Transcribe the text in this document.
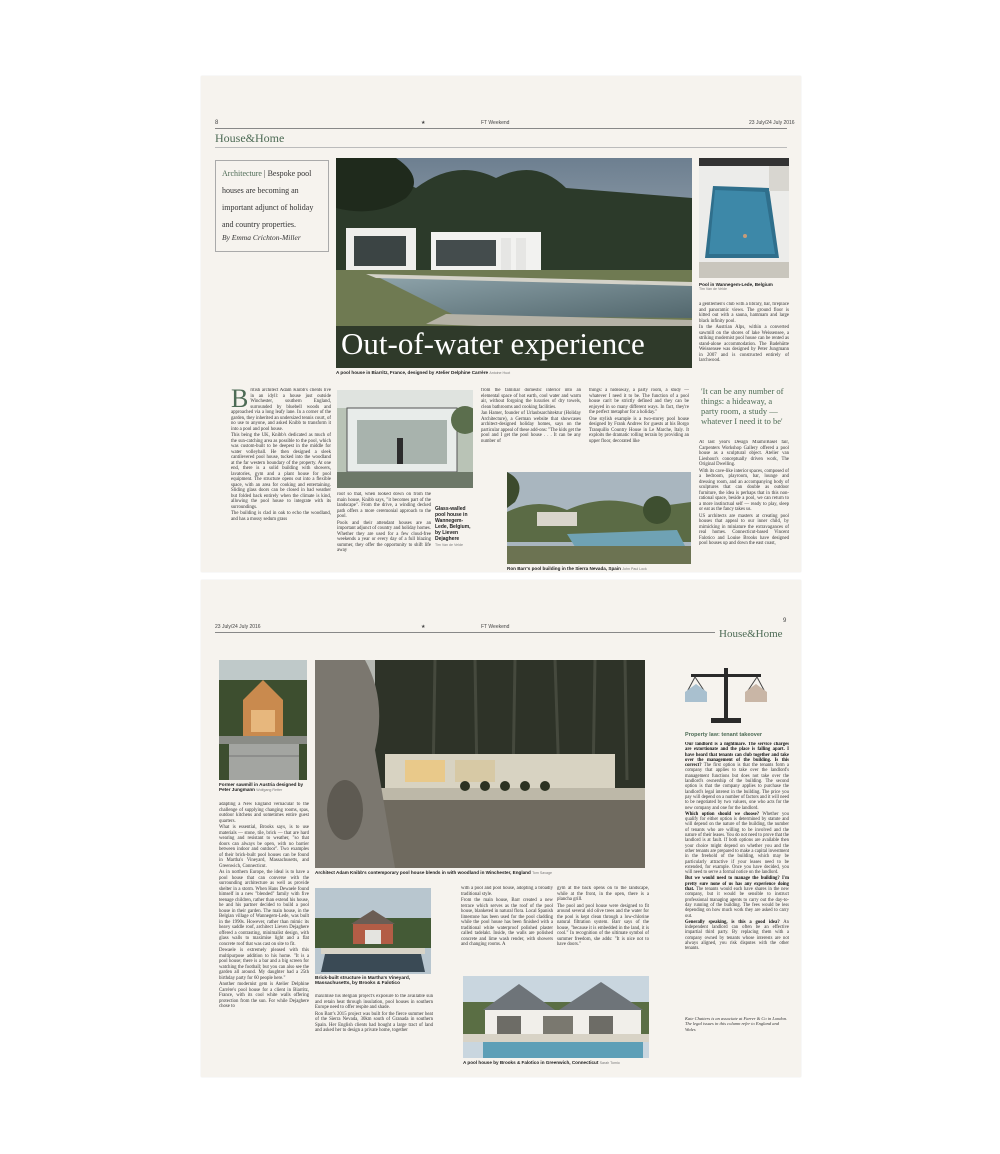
8	★	FT Weekend	23 July/24 July 2016
House&Home
Architecture | Bespoke pool houses are becoming an important adjunct of holiday and country properties.
By Emma Crichton-Miller
Out-of-water experience
A pool house in Biarritz, France, designed by Atelier Delphine Carrère Antoine Huot
Pool in Wannegem-Lede, Belgium
Tim Van de Velde

British architect Adam Knibb's clients live in an idyll: a house just outside Winchester, southern England, surrounded by bluebell woods and approached via a long leafy lane. In a corner of the garden, they inherited an undersized tennis court, of no use to anyone, and asked Knibb to transform it into a pool and pool house.

This being the UK, Knibb's dedicated as much of the sun-catching area as possible to the pool, which was custom-built to be deepest in the middle for water volleyball. He then designed a sleek cantilevered pool house, tucked into the woodland at the far western boundary of the property. At one end, there is a solid building with showers, lavatories, gym and a plant house for pool equipment. The structure opens out into a flexible space, with an area for cooking and entertaining. Sliding glass doors can be closed in bad weather but folded back entirely when the climate is kind, allowing the pool house to integrate with its surroundings.

The building is clad in oak to echo the woodland, and has a mossy sedum grass

roof so that, when looked down on from the main house, Knibb says, "it becomes part of the landscape". From the drive, a winding decked path offers a more ceremonial approach to the pool.

Pools and their attendant houses are an important adjunct of country and holiday homes. Whether they are used for a few cloud-free weekends a year or every day of a full blazing summer, they offer the opportunity to shift life away

Glass-walled pool house in Wannegem-Lede, Belgium, by Lieven Dejaghere
Tim Van de Velde

from the familiar domestic interior into an elemental space of hot earth, cool water and warm air, without forgoing the luxuries of dry towels, clean bathrooms and cooking facilities.

Jan Hamer, founder of Urlaubsarchitektur (Holiday Architecture), a German website that showcases architect-designed holiday homes, says on the particular appeal of these add-ons: "The kids get the pool and I get the pool house . . . It can be any number of

things: a hideaway, a party room, a study — whatever I need it to be. The function of a pool house can't be strictly defined and they can be enjoyed in so many different ways. In fact, they're the perfect metaphor for a holiday."

One stylish example is a two-storey pool house designed by Frank Andrew for guests at his Borgo Tranquillo Country House in Le Marche, Italy. It exploits the dramatic rolling terrain by providing an upper floor, decorated like

Ron Barr's pool building in the Sierra Nevada, Spain John Paul Lock

a gentlemen's club with a library, bar, fireplace and panoramic views. The ground floor is kitted out with a sauna, hammam and large black infinity pool.

In the Austrian Alps, within a converted sawmill on the shores of lake Weissensee, a striking modernist pool house can be rented as stand-alone accommodation. The Badehütte Weissensee was designed by Peter Jungmann in 2007 and is constructed entirely of larchwood.

'It can be any number of things: a hideaway, a party room, a study — whatever I need it to be'

At last year's Design Miami/Basel fair, Carpenters Workshop Gallery offered a pool house as a sculptural object. Atelier van Lieshout's conceptually driven work, The Original Dwelling.

With its cave-like interior spaces, composed of a bedroom, playroom, bar, lounge and dressing room, and an accompanying body of sculptures that can double as outdoor furniture, the idea is perhaps that in this non-rational space, beside a pool, we can return to a more instinctual self — ready to play, sleep or eat as the fancy takes us.

US architects are masters at creating pool houses that appeal to our inner child, by mimicking in miniature the extravagances of real homes. Connecticut-based Vincent Falotico and Louise Brooks have designed pool houses up and down the east coast,

23 July/24 July 2016	★	FT Weekend
9
House&Home
Former sawmill in Austria designed by Peter Jungmann Wolfgang Retter
Architect Adam Knibb's contemporary pool house blends in with woodland in Winchester, England Tom Savage
Property law: tenant takeover

Our landlord is a nightmare. The service charges are extortionate and the place is falling apart. I have heard that tenants can club together and take over the management of the building. Is this correct? The first option is that the tenants form a company that applies to take over the landlord's management functions but does not take over the landlord's ownership of the building. The second option is that the company applies to purchase the landlord's legal interest in the building. The price you pay will depend on a number of factors and it will need to be negotiated by two valuers, one who acts for the new company and one for the landlord.

Which option should we choose? Whether you qualify for either option is determined by statute and will depend on the nature of the building, the number of tenants who are willing to be involved and the nature of their leases. You do not need to prove that the landlord is at fault. If both options are available then your choice might depend on whether you and the other tenants are prepared to make a capital investment in the freehold of the building, which may be particularly attractive if your leases need to be extended, for example. Once you have decided, you will need to serve a formal notice on the landlord.

But we would need to manage the building? I'm pretty sure none of us has any experience doing that. The tenants would each have shares in the new company, but it would be sensible to instruct professional managing agents to carry out the day-to-day running of the building. The fees would be less depending on how much work they are asked to carry out.

Generally speaking, is this a good idea? An independent landlord can often be an effective impartial third party. By replacing them with a company owned by tenants whose interests are not always aligned, you risk disputes with the other tenants.

Kate Chatters is an associate at Farrer & Co in London. The legal issues in this column refer to England and Wales

adapting a New England vernacular to the challenge of supplying changing rooms, spas, outdoor kitchens and sometimes entire guest quarters.

What is essential, Brooks says, is to use materials — stone, tile, brick — that are hard wearing and resistant to weather, "so that doors can always be open, with no barrier between indoor and outdoor". Two examples of their brick-built pool houses can be found in Martha's Vineyard, Massachusetts, and Greenwich, Connecticut.

As in northern Europe, the ideal is to have a pool house that can converse with the surrounding architecture as well as provide shelter in a storm. When Hans Dewaele found himself in a new "blended" family with five teenage children, rather than extend his house, he and his partner decided to build a pool house in their garden. The main house, in the Belgian village of Wannegem-Lede, was built in the 1990s. However, rather than mimic its heavy saddle roof, architect Lieven Dejaghere offered a contrasting, minimalist design, with glass walls to maximise light and a flat concrete roof that was cast on site to fit.

Dewaele is extremely pleased with this multipurpose addition to his home. "It is a pool house; there is a bar and a big screen for watching the football; but you can also see the garden all around. My daughter had a 25th birthday party for 60 people here."

Another modernist gem is Atelier Delphine Carrère's pool house for a client in Biarritz, France, with its cool white walls offering protection from the sun. For while Dejaghere chose to

Brick-built structure in Martha's Vineyard, Massachusetts, by Brooks & Falotico

maximise his Belgian project's exposure to the available sun and retain heat through insulation, pool houses in southern Europe need to offer respite and shade.

Ron Barr's 2015 project was built for the fierce summer heat of the Sierra Nevada, 30km south of Granada in southern Spain. Her English clients had bought a large tract of land and asked her to design a private home, together

with a pool and pool house, adopting a broadly traditional style.

From the main house, Barr created a new terrace which serves as the roof of the pool house, blanketed in natural flora. Local Spanish limestone has been used for the pool cladding while the pool house has been finished with a traditional white waterproof polished plaster called tadelakt. Inside, the walls are polished concrete and lime wash render, with showers and changing rooms. A

gym at the back opens on to the landscape, while at the front, in the open, there is a plancha grill.

The pool and pool house were designed to fit around several old olive trees and the water for the pool is kept clean through a low-chlorine natural filtration system. Barr says of the house, "because it is embedded in the land, it is cool." In recognition of the ultimate symbol of summer freedom, she adds: "It is nice not to have doors."

A pool house by Brooks & Falotico in Greenwich, Connecticut Sarah Tomio
